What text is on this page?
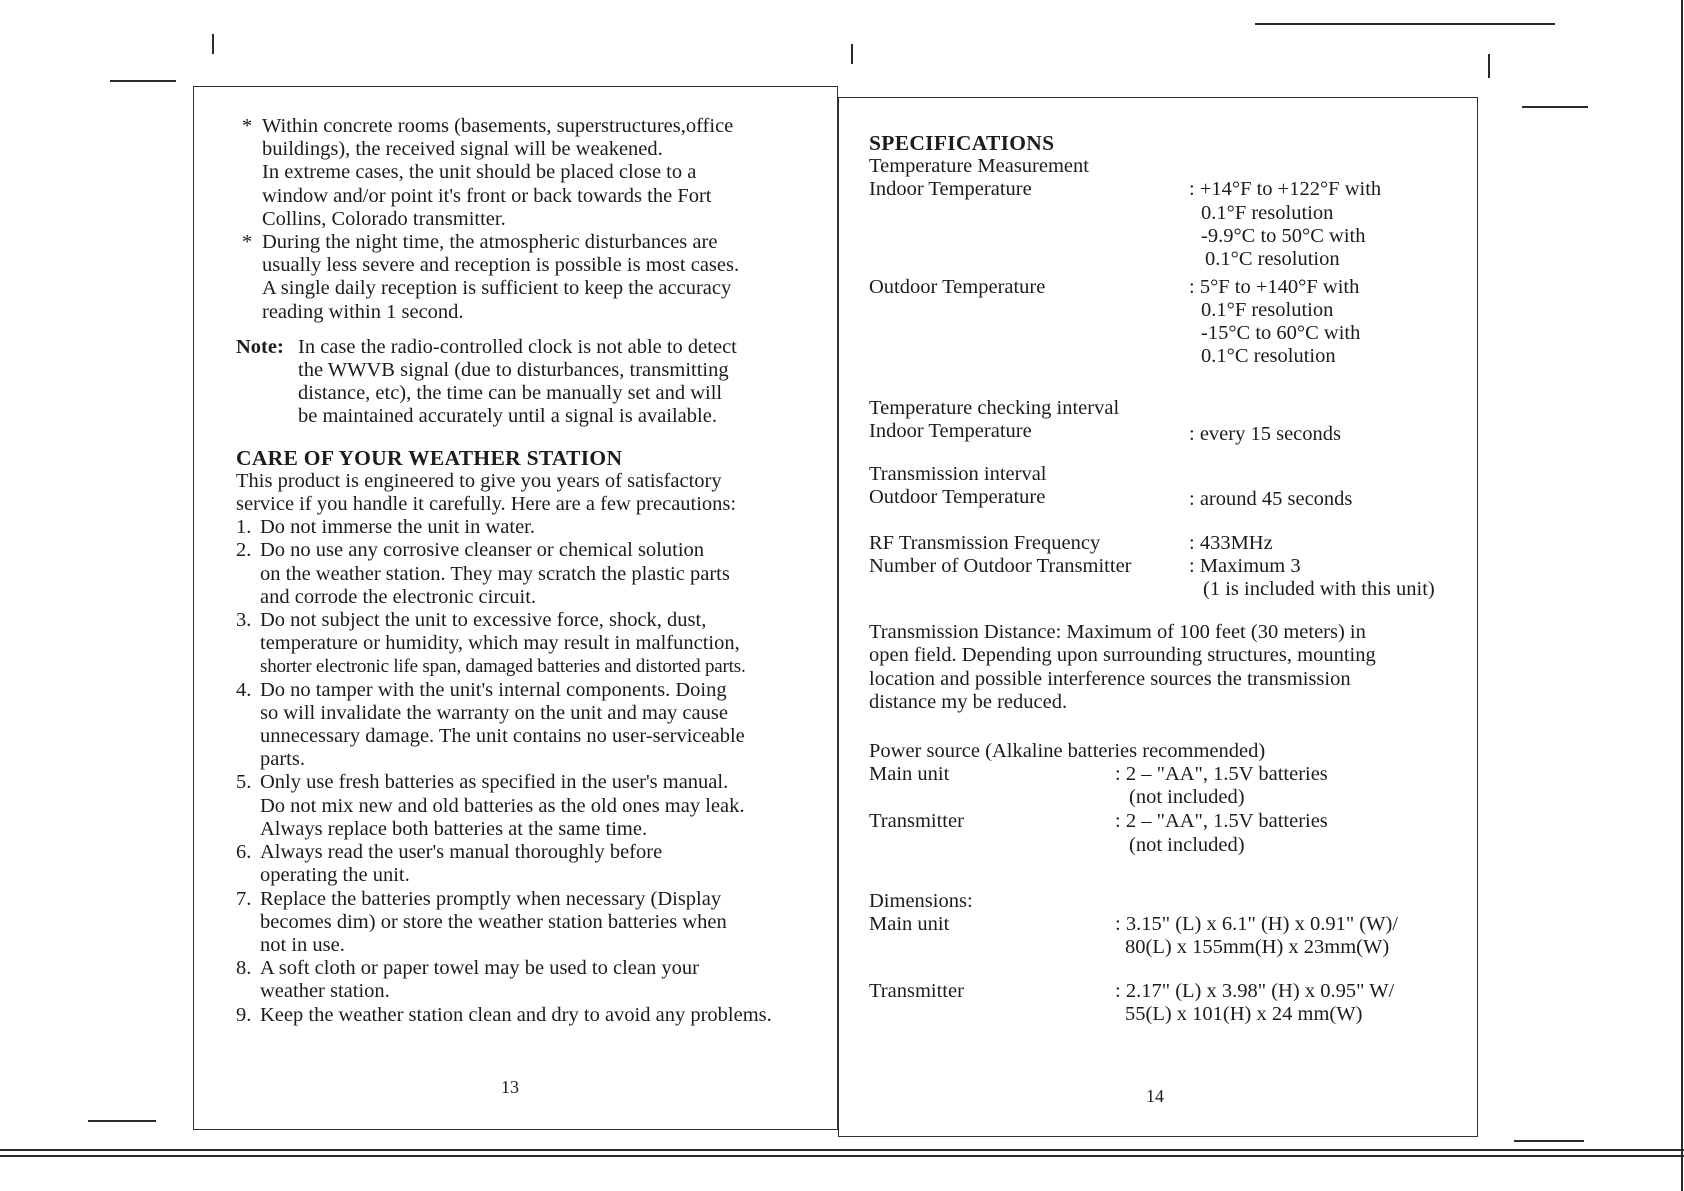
* Within concrete rooms (basements, superstructures,office
buildings), the received signal will be weakened.
In extreme cases, the unit should be placed close to a
window and/or point it's front or back towards the Fort
Collins, Colorado transmitter.
* During the night time, the atmospheric disturbances are
usually less severe and reception is possible is most cases.
A single daily reception is sufficient to keep the accuracy
reading within 1 second.
Note: In case the radio-controlled clock is not able to detect
the WWVB signal (due to disturbances, transmitting
distance, etc), the time can be manually set and will
be maintained accurately until a signal is available.

CARE OF YOUR WEATHER STATION

This product is engineered to give you years of satisfactory
service if you handle it carefully. Here are a few precautions:
1. Do not immerse the unit in water.
2. Do no use any corrosive cleanser or chemical solution
on the weather station. They may scratch the plastic parts
and corrode the electronic circuit.
3. Do not subject the unit to excessive force, shock, dust,
temperature or humidity, which may result in malfunction,
shorter electronic life span, damaged batteries and distorted parts.
4. Do no tamper with the unit's internal components. Doing
so will invalidate the warranty on the unit and may cause
unnecessary damage. The unit contains no user-serviceable
parts.
5. Only use fresh batteries as specified in the user's manual.
Do not mix new and old batteries as the old ones may leak.
Always replace both batteries at the same time.
6. Always read the user's manual thoroughly before
operating the unit.
7. Replace the batteries promptly when necessary (Display
becomes dim) or store the weather station batteries when
not in use.
8. A soft cloth or paper towel may be used to clean your
weather station.
9. Keep the weather station clean and dry to avoid any problems.
13

SPECIFICATIONS

Temperature Measurement
Indoor Temperature	: +14°F to +122°F with
0.1°F resolution
-9.9°C to 50°C with
0.1°C resolution
Outdoor Temperature	: 5°F to +140°F with
0.1°F resolution
-15°C to 60°C with
0.1°C resolution
Temperature checking interval
Indoor Temperature	: every 15 seconds
Transmission interval
Outdoor Temperature	: around 45 seconds
RF Transmission Frequency	: 433MHz
Number of Outdoor Transmitter	: Maximum 3
(1 is included with this unit)
Transmission Distance: Maximum of 100 feet (30 meters) in
open field. Depending upon surrounding structures, mounting
location and possible interference sources the transmission
distance my be reduced.
Power source (Alkaline batteries recommended)
Main unit	: 2 – "AA", 1.5V batteries
(not included)
Transmitter	: 2 – "AA", 1.5V batteries
(not included)
Dimensions:
Main unit	: 3.15" (L) x 6.1" (H) x 0.91" (W)/
80(L) x 155mm(H) x 23mm(W)
Transmitter	: 2.17" (L) x 3.98" (H) x 0.95" W/
55(L) x 101(H) x 24 mm(W)
14
